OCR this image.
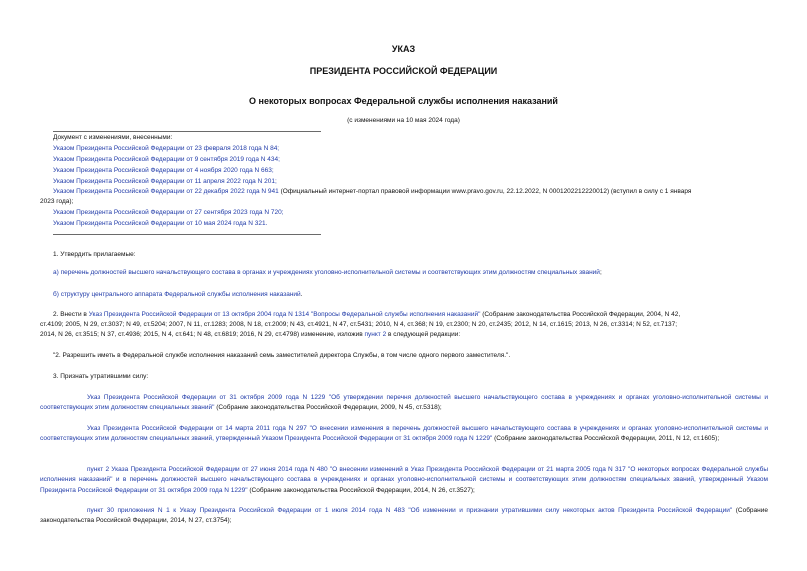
УКАЗ
ПРЕЗИДЕНТА РОССИЙСКОЙ ФЕДЕРАЦИИ
О некоторых вопросах Федеральной службы исполнения наказаний
(с изменениями на 10 мая 2024 года)
Документ с изменениями, внесенными:
Указом Президента Российской Федерации от 23 февраля 2018 года N 84;
Указом Президента Российской Федерации от 9 сентября 2019 года N 434;
Указом Президента Российской Федерации от 4 ноября 2020 года N 663;
Указом Президента Российской Федерации от 11 апреля 2022 года N 201;
Указом Президента Российской Федерации от 22 декабря 2022 года N 941 (Официальный интернет-портал правовой информации www.pravo.gov.ru, 22.12.2022, N 0001202212220012) (вступил в силу с 1 января
2023 года);
Указом Президента Российской Федерации от 27 сентября 2023 года N 720;
Указом Президента Российской Федерации от 10 мая 2024 года N 321.
1. Утвердить прилагаемые:
а) перечень должностей высшего начальствующего состава в органах и учреждениях уголовно-исполнительной системы и соответствующих этим должностям специальных званий;
б) структуру центрального аппарата Федеральной службы исполнения наказаний.
2. Внести в Указ Президента Российской Федерации от 13 октября 2004 года N 1314 "Вопросы Федеральной службы исполнения наказаний" (Собрание законодательства Российской Федерации, 2004, N 42,
ст.4109; 2005, N 29, ст.3037; N 49, ст.5204; 2007, N 11, ст.1283; 2008, N 18, ст.2009; N 43, ст.4921, N 47, ст.5431; 2010, N 4, ст.368; N 19, ст.2300; N 20, ст.2435; 2012, N 14, ст.1615; 2013, N 26, ст.3314; N 52, ст.7137;
2014, N 26, ст.3515; N 37, ст.4936; 2015, N 4, ст.641; N 48, ст.6819; 2016, N 29, ст.4798) изменение, изложив пункт 2 в следующей редакции:
"2. Разрешить иметь в Федеральной службе исполнения наказаний семь заместителей директора Службы, в том числе одного первого заместителя.".
3. Признать утратившими силу:
Указ Президента Российской Федерации от 31 октября 2009 года N 1229 "Об утверждении перечня должностей высшего начальствующего состава в учреждениях и органах уголовно-исполнительной системы и соответствующих этим должностям специальных званий" (Собрание законодательства Российской Федерации, 2009, N 45, ст.5318);
Указ Президента Российской Федерации от 14 марта 2011 года N 297 "О внесении изменения в перечень должностей высшего начальствующего состава в учреждениях и органах уголовно-исполнительной системы и соответствующих этим должностям специальных званий, утвержденный Указом Президента Российской Федерации от 31 октября 2009 года N 1229" (Собрание законодательства Российской Федерации, 2011, N 12, ст.1605);
пункт 2 Указа Президента Российской Федерации от 27 июня 2014 года N 480 "О внесении изменений в Указ Президента Российской Федерации от 21 марта 2005 года N 317 "О некоторых вопросах Федеральной службы исполнения наказаний" и в перечень должностей высшего начальствующего состава в учреждениях и органах уголовно-исполнительной системы и соответствующих этим должностям специальных званий, утвержденный Указом Президента Российской Федерации от 31 октября 2009 года N 1229" (Собрание законодательства Российской Федерации, 2014, N 26, ст.3527);
пункт 30 приложения N 1 к Указу Президента Российской Федерации от 1 июля 2014 года N 483 "Об изменении и признании утратившими силу некоторых актов Президента Российской Федерации" (Собрание законодательства Российской Федерации, 2014, N 27, ст.3754);
